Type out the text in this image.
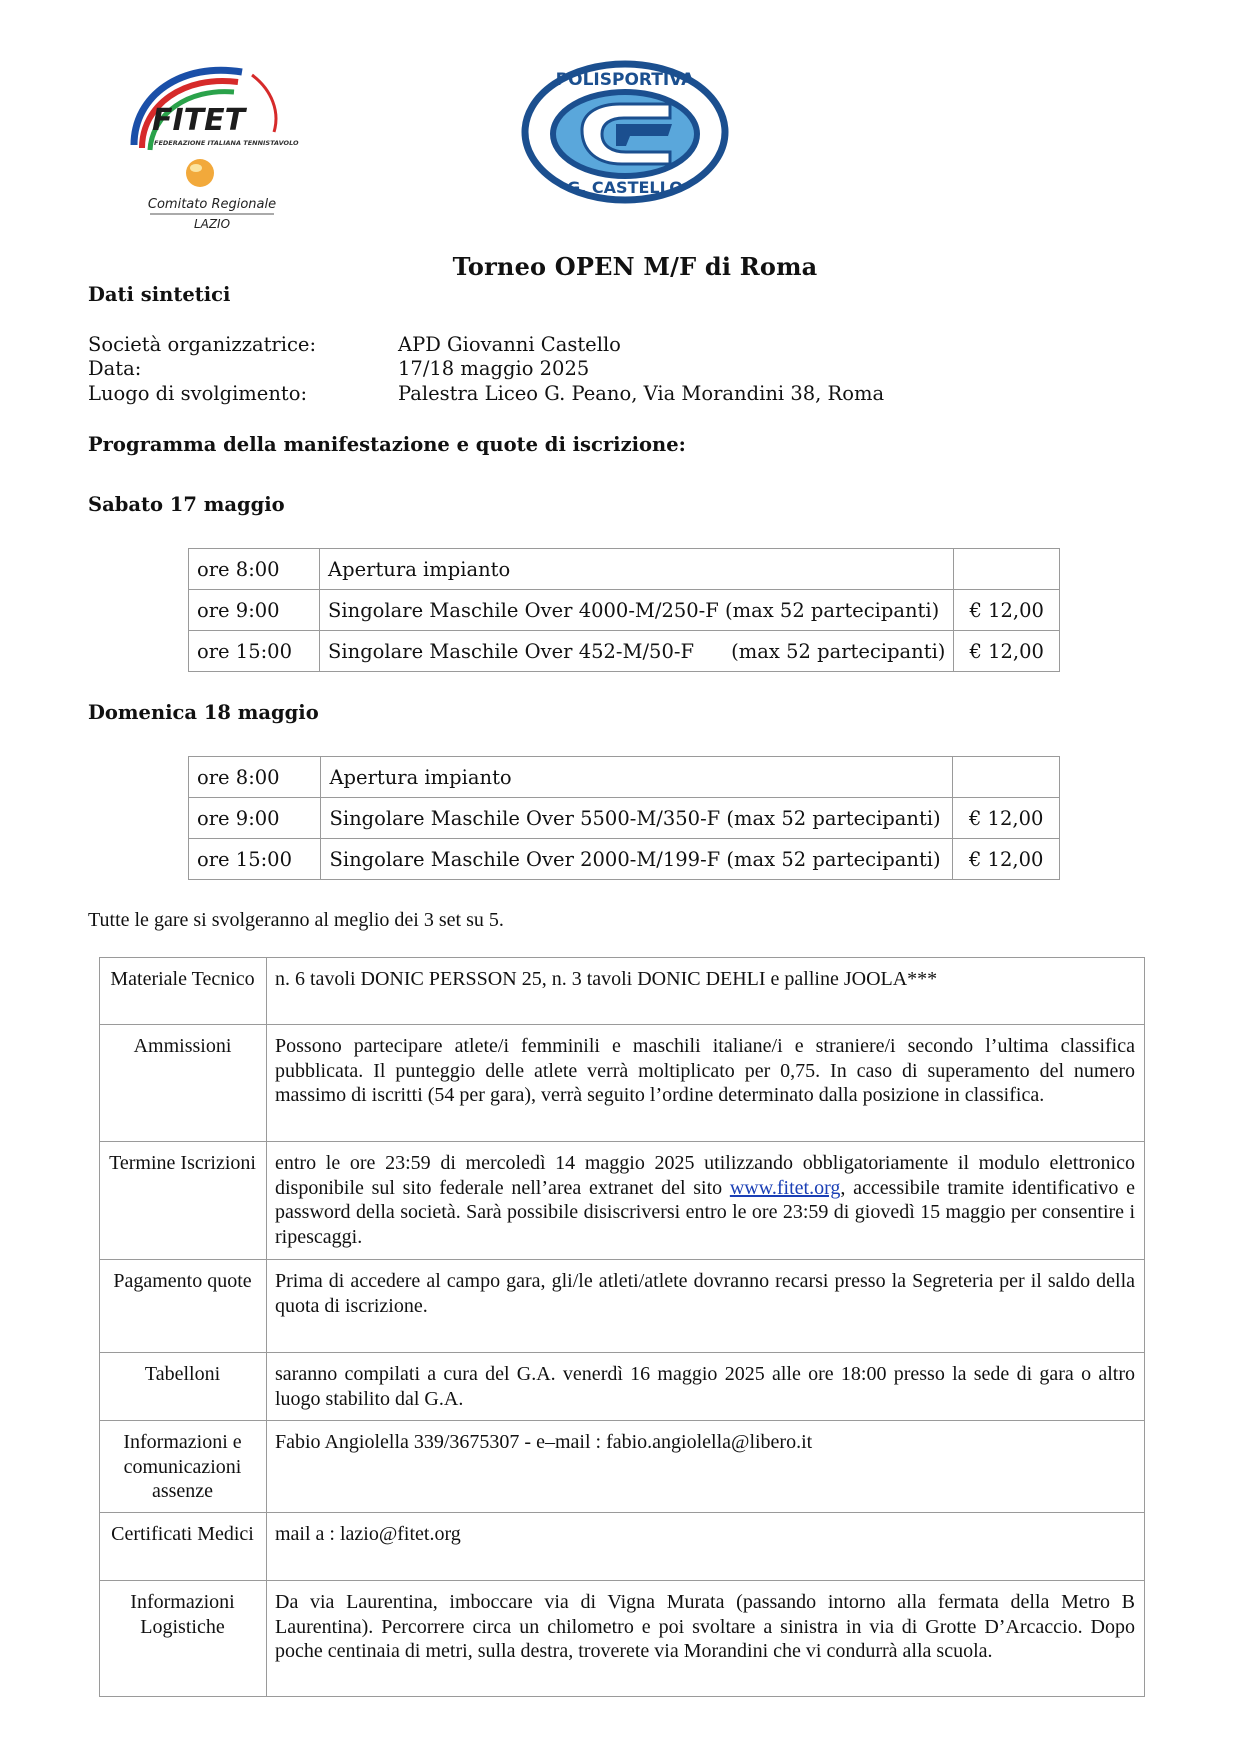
FITET
FEDERAZIONE ITALIANA TENNISTAVOLO
Comitato Regionale
LAZIO
POLISPORTIVA
G. CASTELLO
Torneo OPEN M/F di Roma
Dati sintetici
Società organizzatrice:	APD Giovanni Castello
Data:	17/18 maggio 2025
Luogo di svolgimento:	Palestra Liceo G. Peano, Via Morandini 38, Roma
Programma della manifestazione e quote di iscrizione:
Sabato 17 maggio
ore 8:00	Apertura impianto	
ore 9:00	Singolare Maschile Over 4000-M/250-F (max 52 partecipanti)	€ 12,00
ore 15:00	Singolare Maschile Over 452-M/50-F      (max 52 partecipanti)	€ 12,00
Domenica 18 maggio
ore 8:00	Apertura impianto	
ore 9:00	Singolare Maschile Over 5500-M/350-F (max 52 partecipanti)	€ 12,00
ore 15:00	Singolare Maschile Over 2000-M/199-F (max 52 partecipanti)	€ 12,00
Tutte le gare si svolgeranno al meglio dei 3 set su 5.
Materiale Tecnico	n. 6 tavoli DONIC PERSSON 25, n. 3 tavoli DONIC DEHLI e palline JOOLA***
Ammissioni	Possono partecipare atlete/i femminili e maschili italiane/i e straniere/i secondo l’ultima classifica pubblicata. Il punteggio delle atlete verrà moltiplicato per 0,75. In caso di superamento del numero massimo di iscritti (54 per gara), verrà seguito l’ordine determinato dalla posizione in classifica.
Termine Iscrizioni	entro le ore 23:59 di mercoledì 14 maggio 2025 utilizzando obbligatoriamente il modulo elettronico disponibile sul sito federale nell’area extranet del sito www.fitet.org, accessibile tramite identificativo e password della società. Sarà possibile disiscriversi entro le ore 23:59 di giovedì 15 maggio per consentire i ripescaggi.
Pagamento quote	Prima di accedere al campo gara, gli/le atleti/atlete dovranno recarsi presso la Segreteria per il saldo della quota di iscrizione.
Tabelloni	saranno compilati a cura del G.A. venerdì 16 maggio 2025 alle ore 18:00 presso la sede di gara o altro luogo stabilito dal G.A.
Informazioni e comunicazioni assenze	Fabio Angiolella 339/3675307 - e–mail : fabio.angiolella@libero.it
Certificati Medici	mail a : lazio@fitet.org
Informazioni Logistiche	Da via Laurentina, imboccare via di Vigna Murata (passando intorno alla fermata della Metro B Laurentina). Percorrere circa un chilometro e poi svoltare a sinistra in via di Grotte D’Arcaccio. Dopo poche centinaia di metri, sulla destra, troverete via Morandini che vi condurrà alla scuola.
